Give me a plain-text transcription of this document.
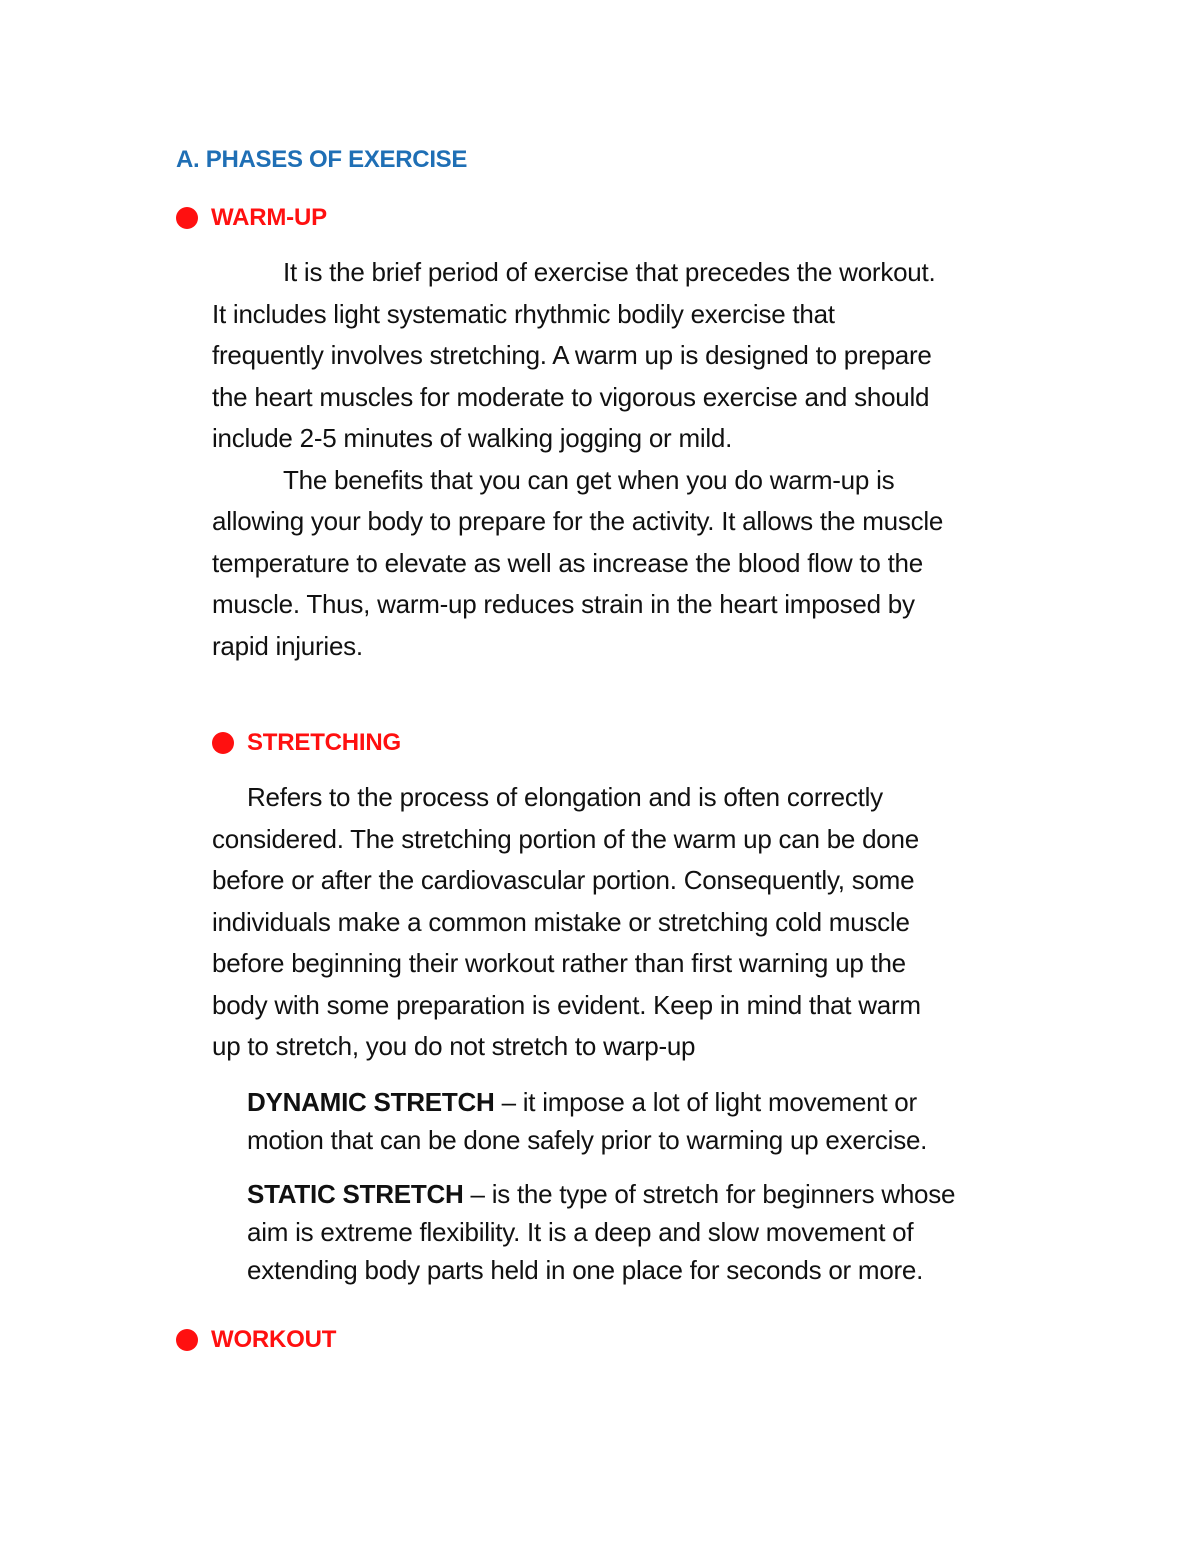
A. PHASES OF EXERCISE
WARM-UP
It is the brief period of exercise that precedes the workout.
It includes light systematic rhythmic bodily exercise that
frequently involves stretching. A warm up is designed to prepare
the heart muscles for moderate to vigorous exercise and should
include 2-5 minutes of walking jogging or mild.
The benefits that you can get when you do warm-up is
allowing your body to prepare for the activity. It allows the muscle
temperature to elevate as well as increase the blood flow to the
muscle. Thus, warm-up reduces strain in the heart imposed by
rapid injuries.
STRETCHING
Refers to the process of elongation and is often correctly
considered. The stretching portion of the warm up can be done
before or after the cardiovascular portion. Consequently, some
individuals make a common mistake or stretching cold muscle
before beginning their workout rather than first warning up the
body with some preparation is evident. Keep in mind that warm
up to stretch, you do not stretch to warp-up
DYNAMIC STRETCH – it impose a lot of light movement or
motion that can be done safely prior to warming up exercise.
STATIC STRETCH – is the type of stretch for beginners whose
aim is extreme flexibility. It is a deep and slow movement of
extending body parts held in one place for seconds or more.
WORKOUT
